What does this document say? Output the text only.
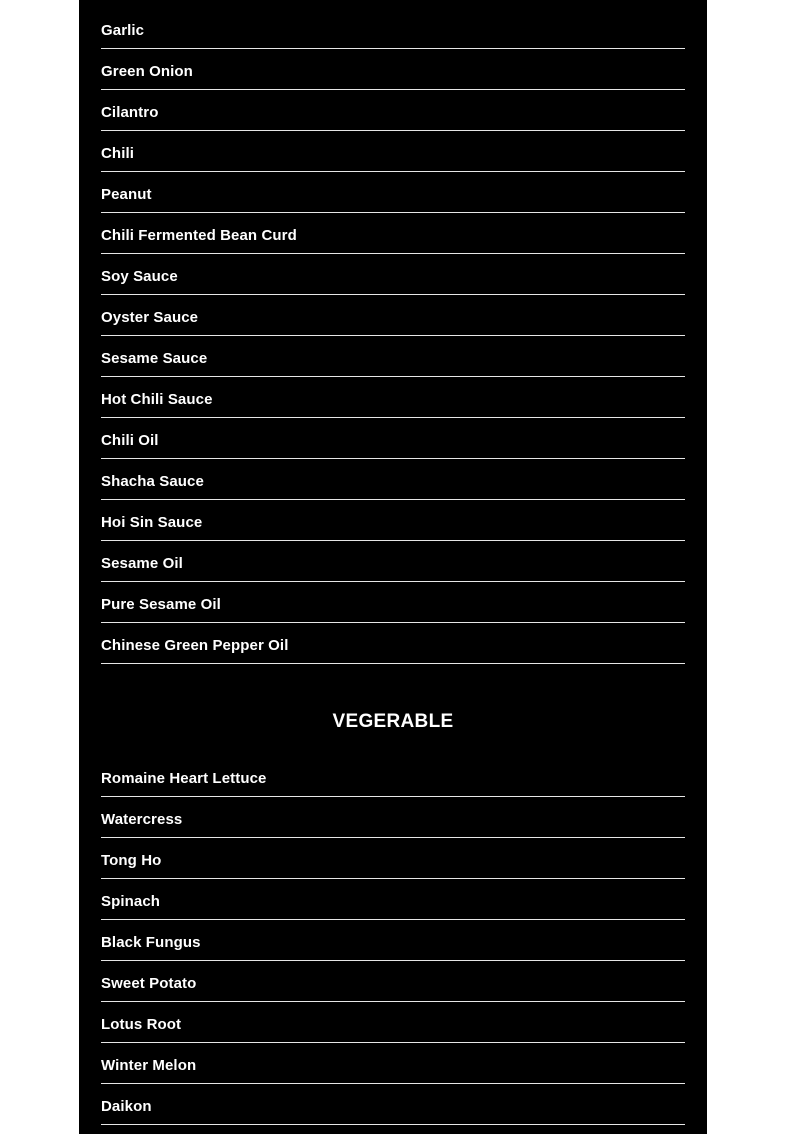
Garlic
Green Onion
Cilantro
Chili
Peanut
Chili Fermented Bean Curd
Soy Sauce
Oyster Sauce
Sesame Sauce
Hot Chili Sauce
Chili Oil
Shacha Sauce
Hoi Sin Sauce
Sesame Oil
Pure Sesame Oil
Chinese Green Pepper Oil
VEGERABLE
Romaine Heart Lettuce
Watercress
Tong Ho
Spinach
Black Fungus
Sweet Potato
Lotus Root
Winter Melon
Daikon
